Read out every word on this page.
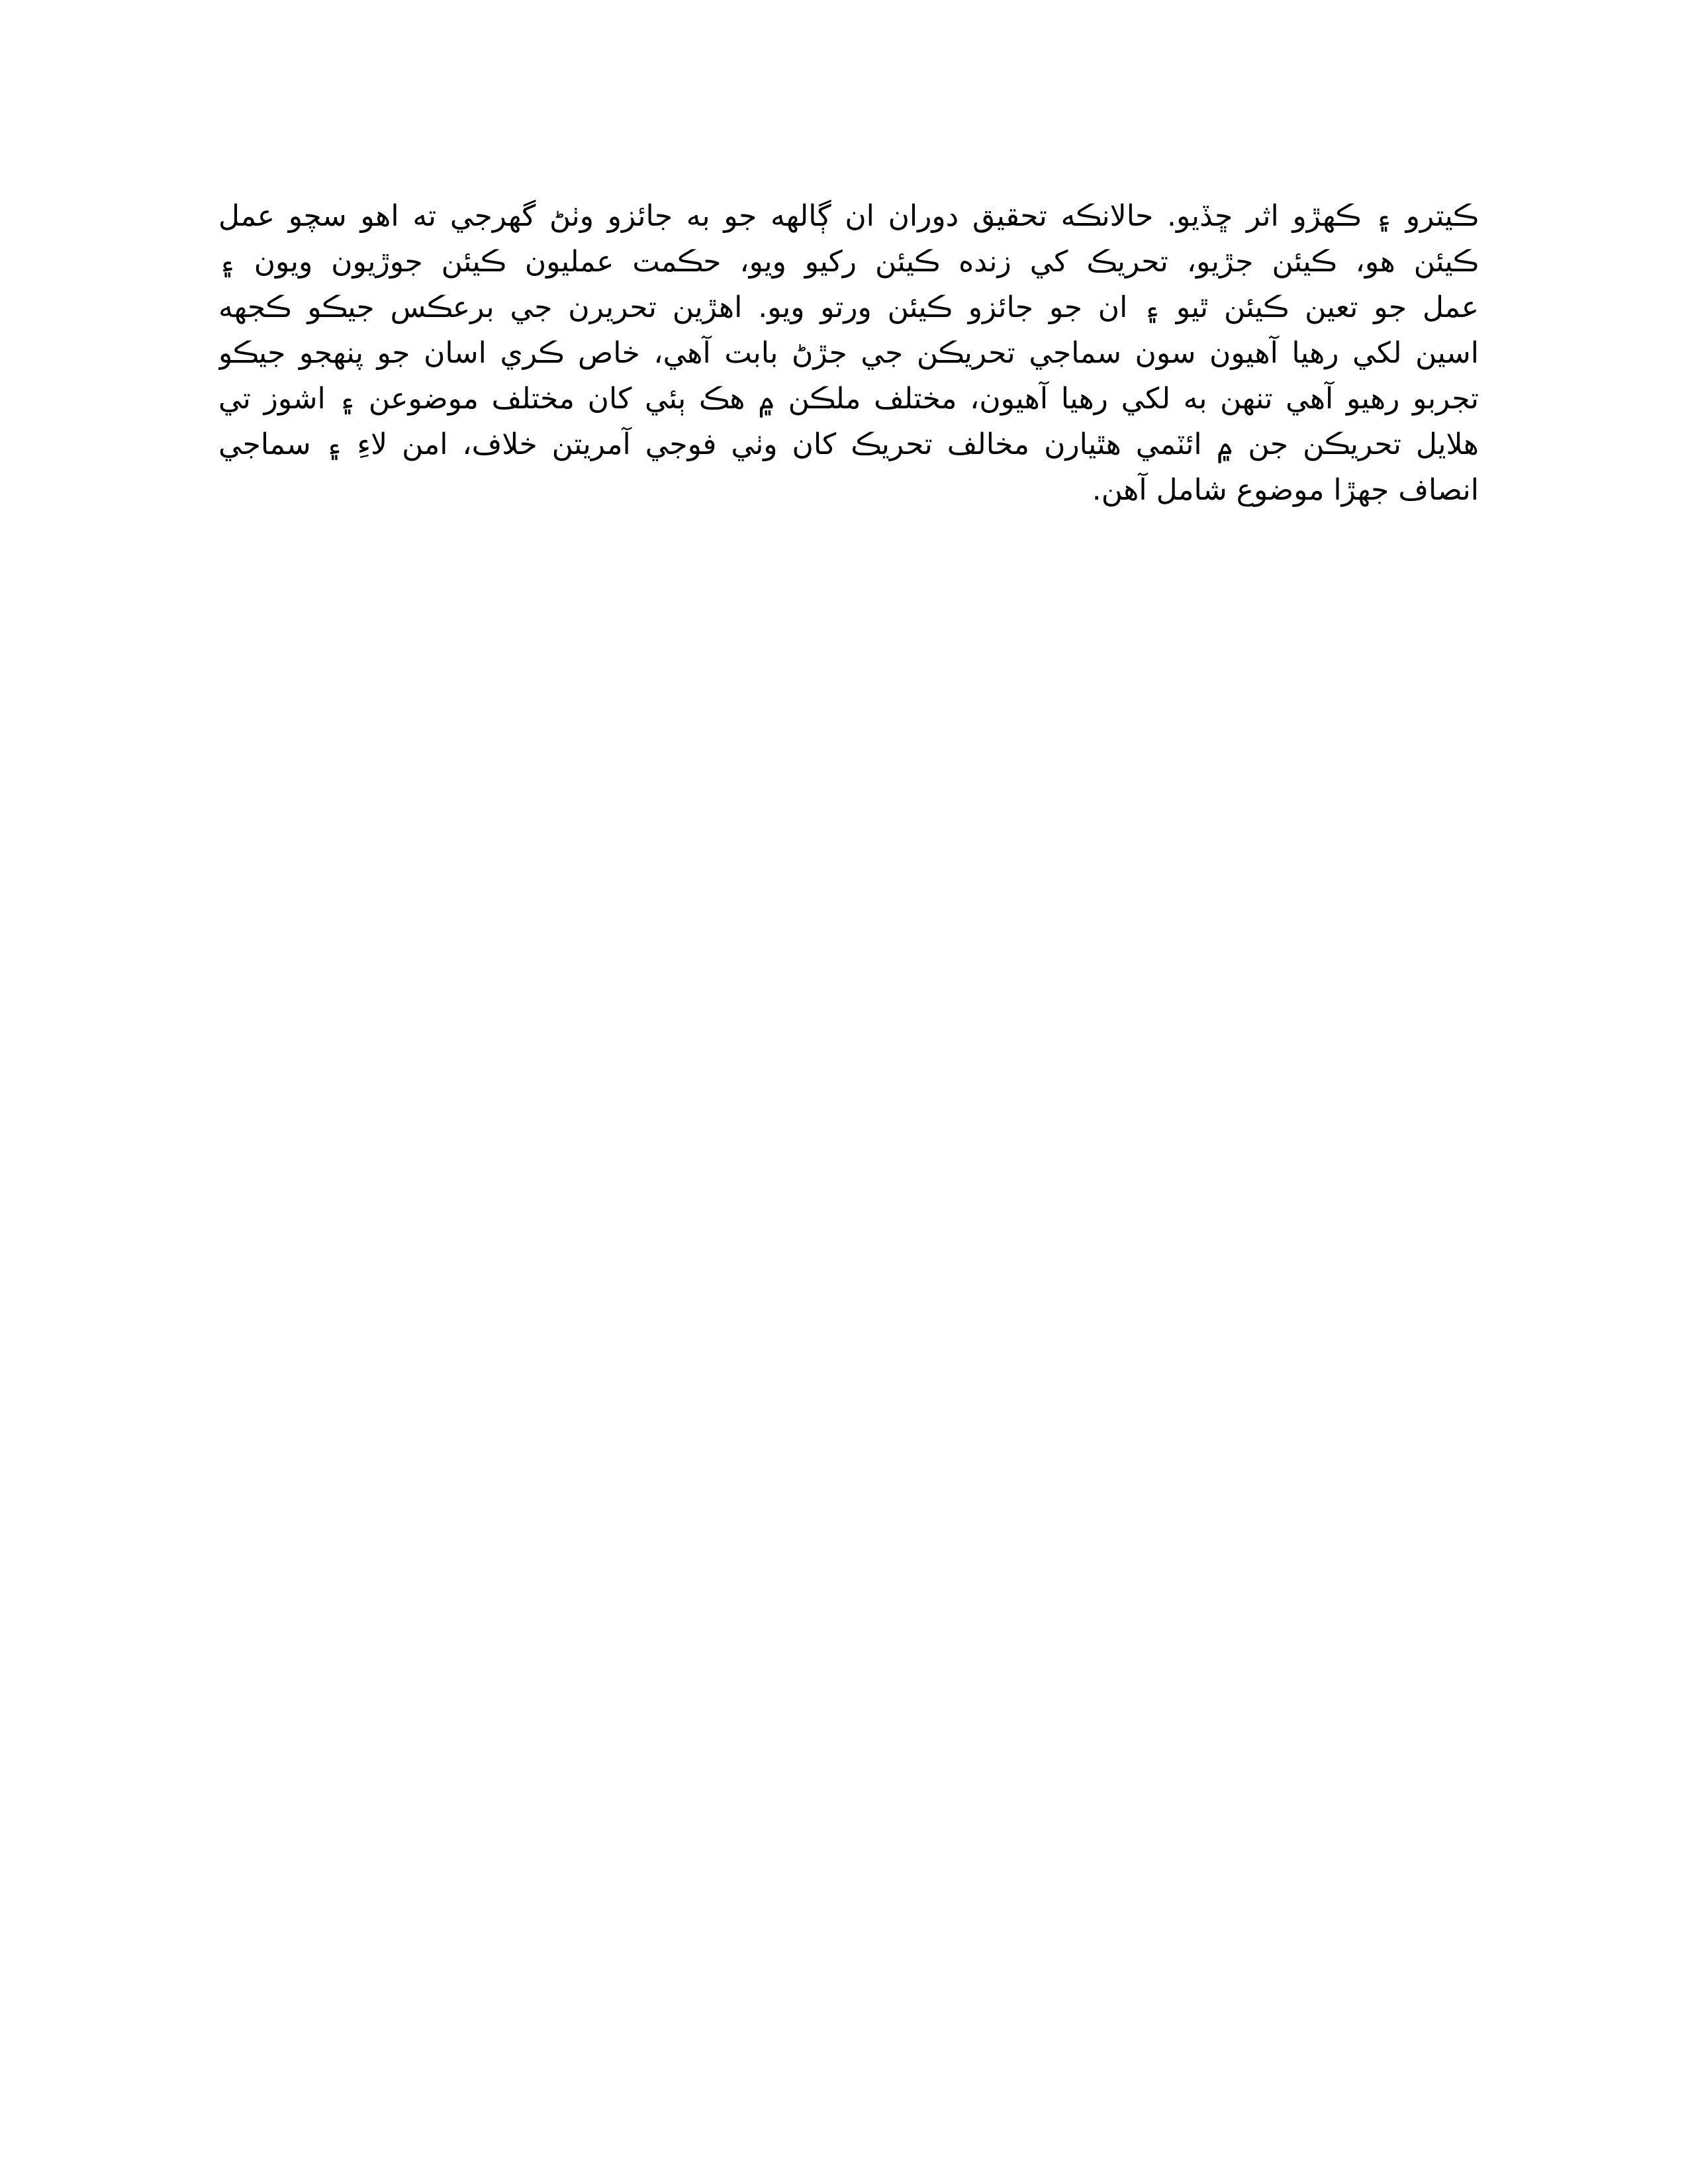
ڪيترو ۽ ڪهڙو اثر ڇڏيو. حالانڪه تحقيق دوران ان ڳالهه جو به جائزو وٺڻ گهرجي ته اهو سچو عمل
ڪيئن هو، ڪيئن جڙيو، تحريڪ کي زنده ڪيئن رکيو ويو، حڪمت عمليون ڪيئن جوڙيون ويون ۽
عمل جو تعين ڪيئن ٿيو ۽ ان جو جائزو ڪيئن ورتو ويو. اهڙين تحريرن جي برعڪس جيڪو ڪجهه
اسين لکي رهيا آهيون سون سماجي تحريڪن جي جڙڻ بابت آهي، خاص ڪري اسان جو پنهجو جيڪو
تجربو رهيو آهي تنهن به لکي رهيا آهيون، مختلف ملڪن ۾ هڪ ٻئي کان مختلف موضوعن ۽ اشوز تي
هلايل تحريڪن جن ۾ ائٽمي هٿيارن مخالف تحريڪ کان وٺي فوجي آمريتن خلاف، امن لاءِ ۽ سماجي
انصاف جهڙا موضوع شامل آهن.
